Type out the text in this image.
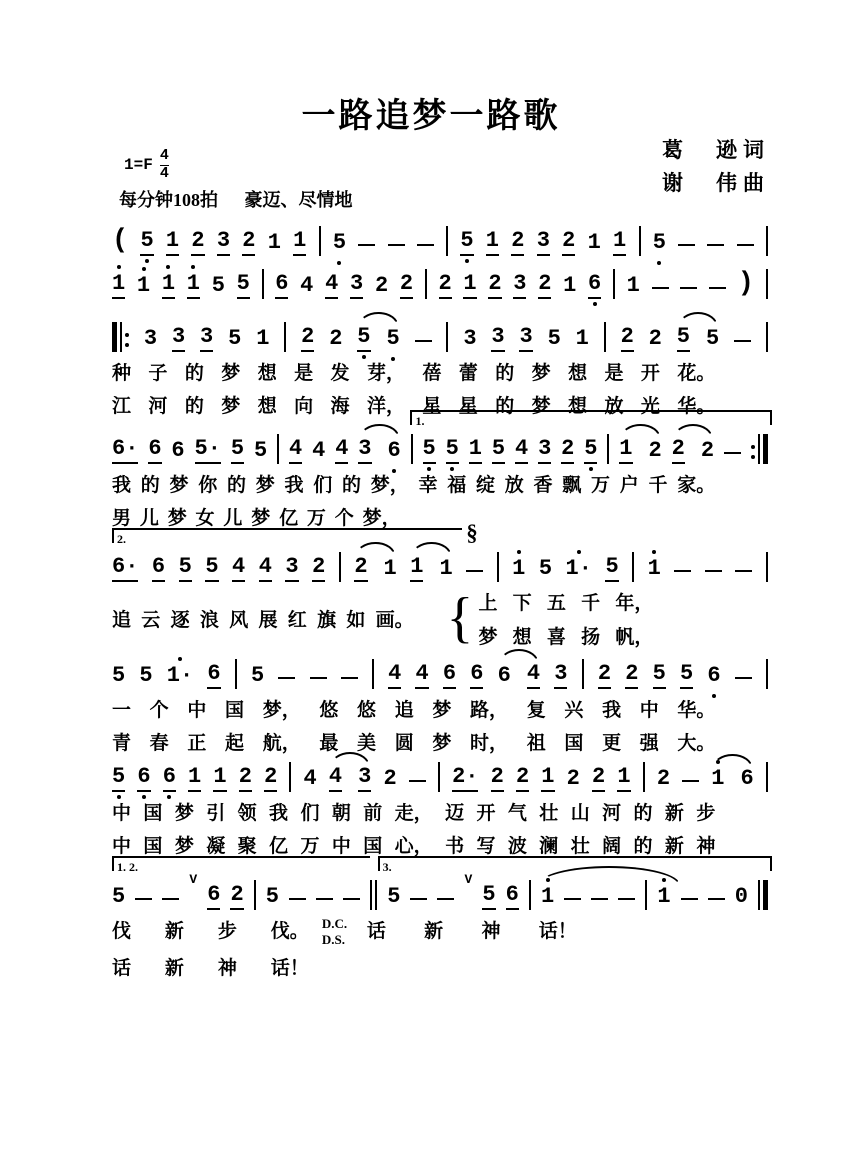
一路追梦一路歌
葛　逊词
谢　伟曲
$1=F \frac{4}{4}$
每分钟108拍 豪迈、尽情地
( 5 1 2 3 2 1 1 5	5 1 2 3 2 1 1 5
1 1 1 1 5 5 6 4 4 3 2 2 2 1 2 3 2 1 6 1	)
3 3 3 5 1 2 2 5 5	3 3 3 5 1 2 2 5 5
种 子 的 梦 想 是 发 芽， 蓓 蕾 的 梦 想 是 开 花。
江 河 的 梦 想 向 海 洋， 星 星 的 梦 想 放 光 华。
1.
6· 6 6 5· 5 5 4 4 4 3 6 5 5 1 5 4 3 2 5 1 2 2 2
我 的 梦 你 的 梦 我 们 的 梦， 幸 福 绽 放 香 飘 万 户 千 家。
男 儿 梦 女 儿 梦 亿 万 个 梦，
2.	§
6· 6 5 5 4 4 3 2 2 1 1 1	1 5 1· 5 1
追 云 逐 浪 风 展 红 旗 如 画。 { 上 下 五 千 年，
梦 想 喜 扬 帆，
5 5 1· 6 5	4 4 6 6 6 4 3 2 2 5 5 6
一 个 中 国 梦， 悠 悠 追 梦 路， 复 兴 我 中 华。
青 春 正 起 航， 最 美 圆 梦 时， 祖 国 更 强 大。
5 6 6 1 1 2 2 4 4 3 2	2· 2 2 1 2 2 1 2 1 6
中 国 梦 引 领 我 们 朝 前 走， 迈 开 气 壮 山 河 的 新 步
中 国 梦 凝 聚 亿 万 中 国 心， 书 写 波 澜 壮 阔 的 新 神
1. 2.	3.
5
V
6 2 5	5
V
5 6 1	1	0
伐 新 步 伐。 D.C.
D.S. 话 新 神 话！
话 新 神 话！
